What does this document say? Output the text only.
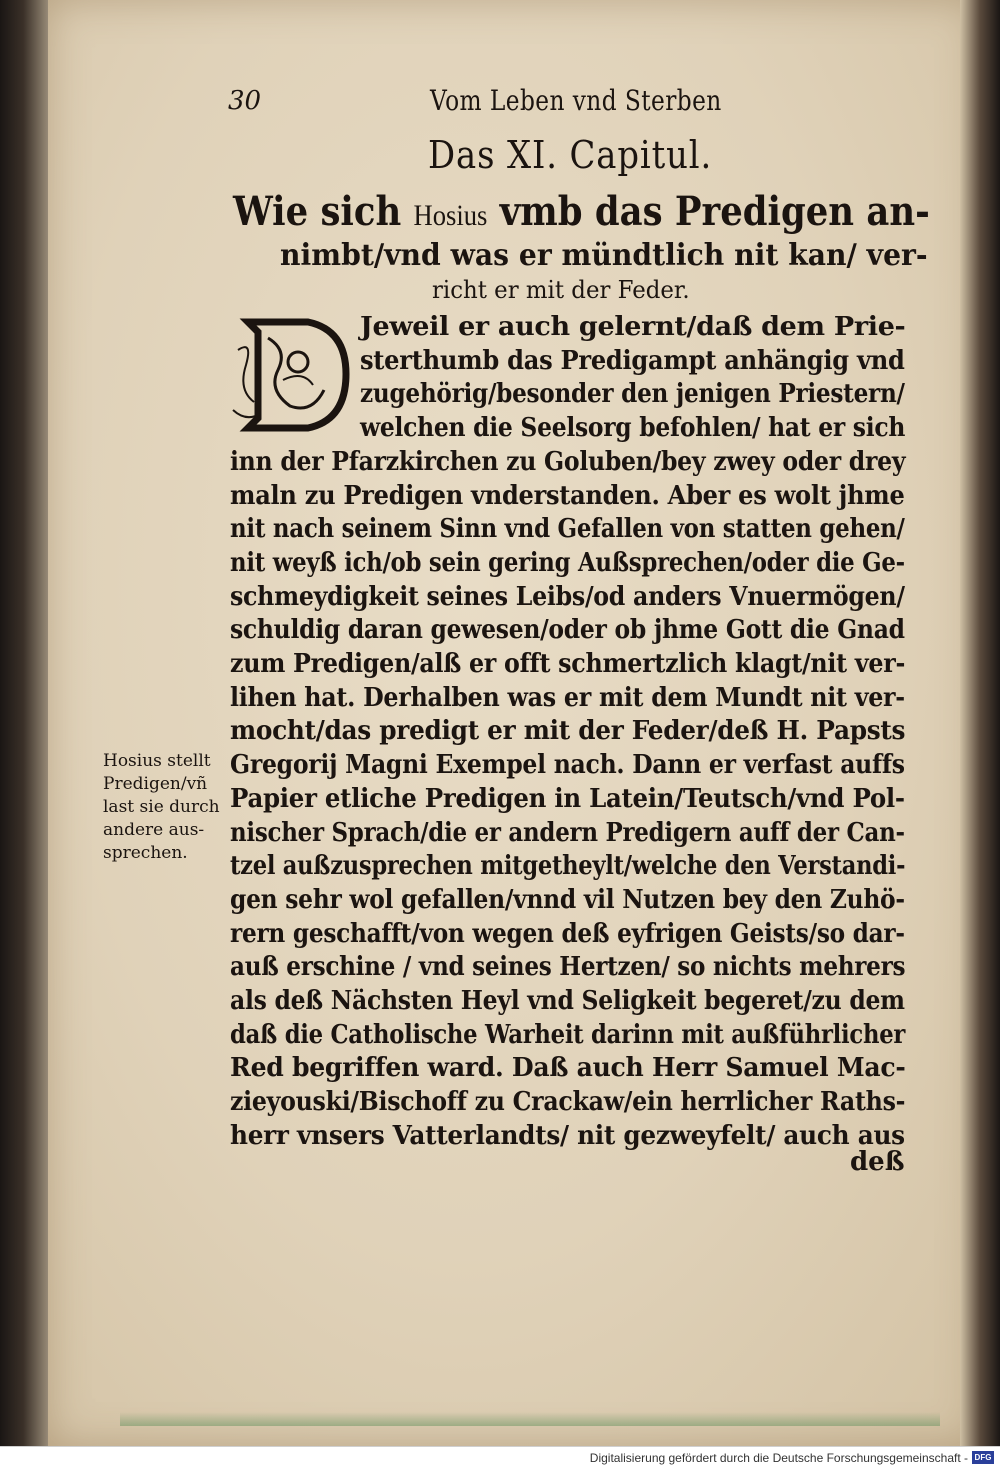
30	Vom Leben vnd Sterben
Das XI. Capitul.
Wie sich Hosius vmb das Predigen an-
nimbt/vnd was er mündtlich nit kan/ ver-
richt er mit der Feder.
Jeweil er auch gelernt/daß dem Prie-
sterthumb das Predigampt anhängig vnd
zugehörig/besonder den jenigen Priestern/
welchen die Seelsorg befohlen/ hat er sich
inn der Pfarzkirchen zu Goluben/bey zwey oder drey
maln zu Predigen vnderstanden. Aber es wolt jhme
nit nach seinem Sinn vnd Gefallen von statten gehen/
nit weyß ich/ob sein gering Außsprechen/oder die Ge-
schmeydigkeit seines Leibs/od anders Vnuermögen/
schuldig daran gewesen/oder ob jhme Gott die Gnad
zum Predigen/alß er offt schmertzlich klagt/nit ver-
lihen hat. Derhalben was er mit dem Mundt nit ver-
mocht/das predigt er mit der Feder/deß H. Papsts
Gregorij Magni Exempel nach. Dann er verfast auffs
Papier etliche Predigen in Latein/Teutsch/vnd Pol-
nischer Sprach/die er andern Predigern auff der Can-
tzel außzusprechen mitgetheylt/welche den Verstandi-
gen sehr wol gefallen/vnnd vil Nutzen bey den Zuhö-
rern geschafft/von wegen deß eyfrigen Geists/so dar-
auß erschine / vnd seines Hertzen/ so nichts mehrers
als deß Nächsten Heyl vnd Seligkeit begeret/zu dem
daß die Catholische Warheit darinn mit außführlicher
Red begriffen ward. Daß auch Herr Samuel Mac-
zieyouski/Bischoff zu Crackaw/ein herrlicher Raths-
herr vnsers Vatterlandts/ nit gezweyfelt/ auch aus
Hosius stellt
Predigen/vñ
last sie durch
andere aus-
sprechen.
deß
Digitalisierung gefördert durch die Deutsche Forschungsgemeinschaft - DFG
